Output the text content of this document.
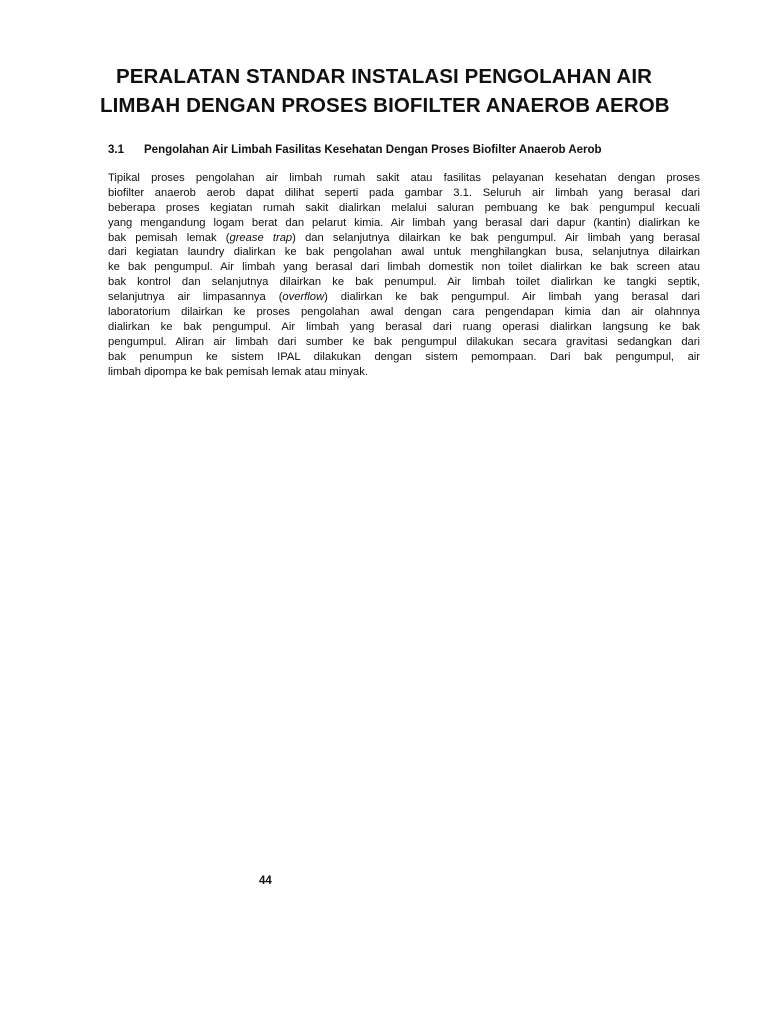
PERALATAN STANDAR INSTALASI PENGOLAHAN AIR
LIMBAH DENGAN PROSES BIOFILTER ANAEROB AEROB
3.1 Pengolahan Air Limbah Fasilitas Kesehatan Dengan Proses Biofilter Anaerob Aerob
Tipikal proses pengolahan air limbah rumah sakit atau fasilitas pelayanan kesehatan dengan proses
biofilter anaerob aerob dapat dilihat seperti pada gambar 3.1. Seluruh air limbah yang berasal dari
beberapa proses kegiatan rumah sakit dialirkan melalui saluran pembuang ke bak pengumpul kecuali
yang mengandung logam berat dan pelarut kimia. Air limbah yang berasal dari dapur (kantin) dialirkan ke
bak pemisah lemak (grease trap) dan selanjutnya dilairkan ke bak pengumpul. Air limbah yang berasal
dari kegiatan laundry dialirkan ke bak pengolahan awal untuk menghilangkan busa, selanjutnya dilairkan
ke bak pengumpul. Air limbah yang berasal dari limbah domestik non toilet dialirkan ke bak screen atau
bak kontrol dan selanjutnya dilairkan ke bak penumpul. Air limbah toilet dialirkan ke tangki septik,
selanjutnya air limpasannya (overflow) dialirkan ke bak pengumpul. Air limbah yang berasal dari
laboratorium dilairkan ke proses pengolahan awal dengan cara pengendapan kimia dan air olahnnya
dialirkan ke bak pengumpul. Air limbah yang berasal dari ruang operasi dialirkan langsung ke bak
pengumpul. Aliran air limbah dari sumber ke bak pengumpul dilakukan secara gravitasi sedangkan dari
bak penumpun ke sistem IPAL dilakukan dengan sistem pemompaan. Dari bak pengumpul, air
limbah dipompa ke bak pemisah lemak atau minyak.
44
